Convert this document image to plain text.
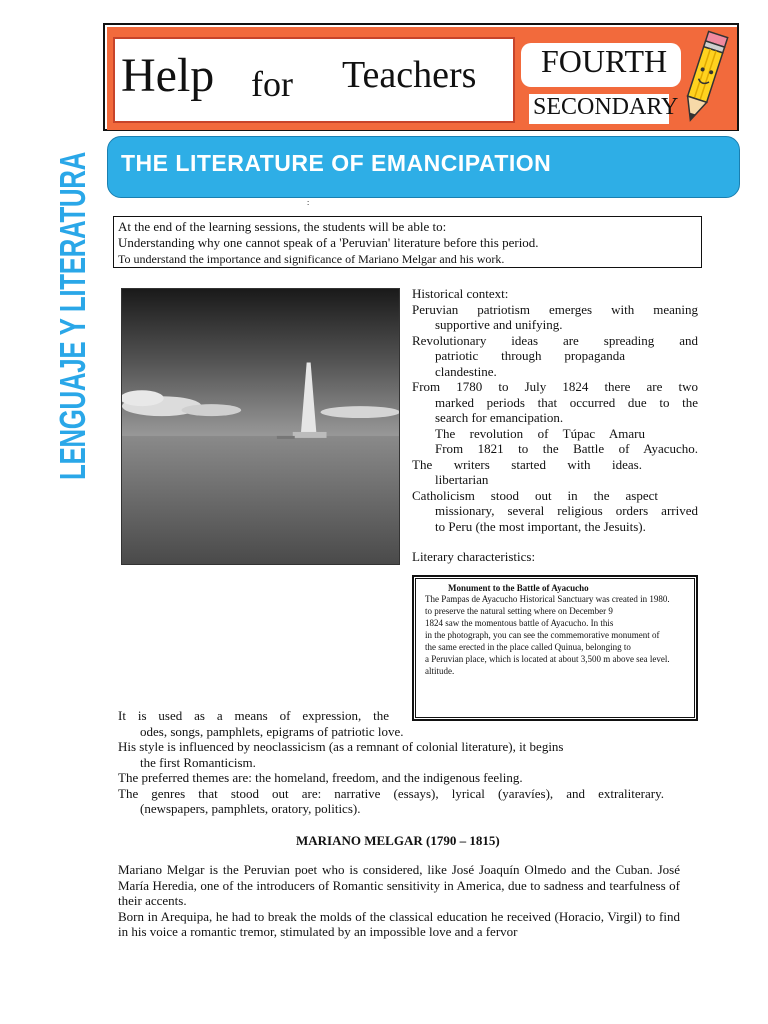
Help for Teachers FOURTH
SECONDARY
THE LITERATURE OF EMANCIPATION
:
LENGUAJE Y LITERATURA At the end of the learning sessions, the students will be able to:
Understanding why one cannot speak of a 'Peruvian' literature before this period.
To understand the importance and significance of Mariano Melgar and his work.
Historical context:
Peruvian patriotism emerges with meaning
supportive and unifying.
Revolutionary ideas are spreading and
patriotic through propaganda
clandestine.
From 1780 to July 1824 there are two
marked periods that occurred due to the
search for emancipation.
The revolution of Túpac Amaru
From 1821 to the Battle of Ayacucho.
The writers started with ideas.
libertarian
Catholicism stood out in the aspect
missionary, several religious orders arrived
to Peru (the most important, the Jesuits).
Literary characteristics:
Monument to the Battle of Ayacucho
The Pampas de Ayacucho Historical Sanctuary was created in 1980.
to preserve the natural setting where on December 9
1824 saw the momentous battle of Ayacucho. In this
in the photograph, you can see the commemorative monument of
the same erected in the place called Quinua, belonging to
a Peruvian place, which is located at about 3,500 m above sea level.
altitude.
It is used as a means of expression, the
odes, songs, pamphlets, epigrams of patriotic love.
His style is influenced by neoclassicism (as a remnant of colonial literature), it begins
the first Romanticism.
The preferred themes are: the homeland, freedom, and the indigenous feeling.
The genres that stood out are: narrative (essays), lyrical (yaravíes), and extraliterary.
(newspapers, pamphlets, oratory, politics).
MARIANO MELGAR (1790 – 1815)
Mariano Melgar is the Peruvian poet who is considered, like José Joaquín Olmedo and the Cuban. José María Heredia, one of the introducers of Romantic sensitivity in America, due to sadness and tearfulness of their accents.
Born in Arequipa, he had to break the molds of the classical education he received (Horacio, Virgil) to find in his voice a romantic tremor, stimulated by an impossible love and a fervor
